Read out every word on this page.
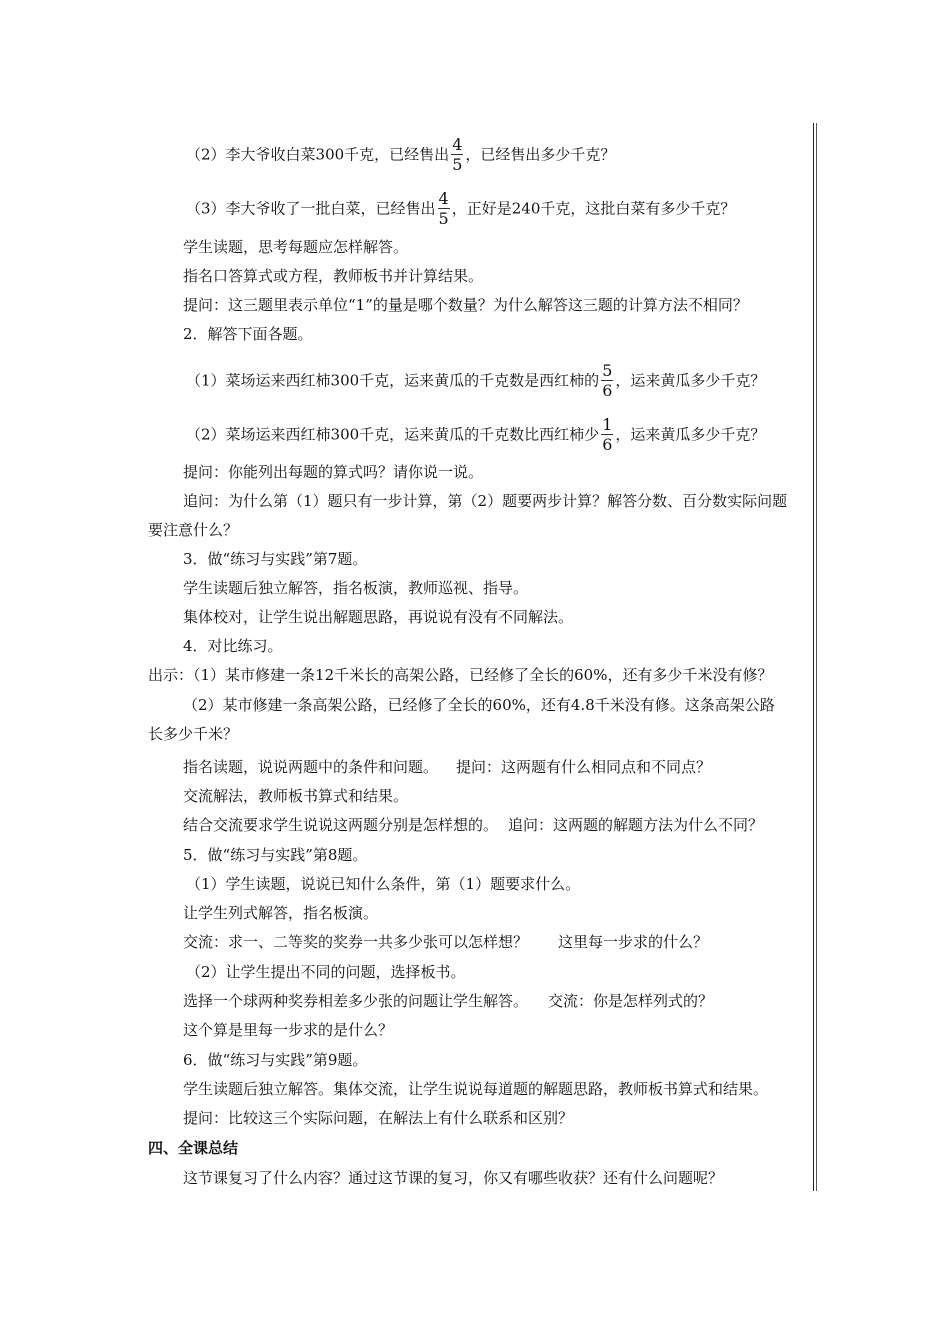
（2）李大爷收白菜300千克，已经售出 $\frac{4}{5}$ ，已经售出多少千克？
（3）李大爷收了一批白菜，已经售出 $\frac{4}{5}$ ，正好是240千克，这批白菜有多少千克？
学生读题，思考每题应怎样解答。
指名口答算式或方程，教师板书并计算结果。
提问：这三题里表示单位“1”的量是哪个数量？为什么解答这三题的计算方法不相同？
2．解答下面各题。
（1）菜场运来西红柿300千克，运来黄瓜的千克数是西红柿的 $\frac{5}{6}$ ，运来黄瓜多少千克？
（2）菜场运来西红柿300千克，运来黄瓜的千克数比西红柿少 $\frac{1}{6}$ ，运来黄瓜多少千克？
提问：你能列出每题的算式吗？请你说一说。
追问：为什么第（1）题只有一步计算，第（2）题要两步计算？解答分数、百分数实际问题
要注意什么？
3．做“练习与实践”第7题。
学生读题后独立解答，指名板演，教师巡视、指导。
集体校对，让学生说出解题思路，再说说有没有不同解法。
4．对比练习。
出示：（1）某市修建一条12千米长的高架公路，已经修了全长的60%，还有多少千米没有修？
（2）某市修建一条高架公路，已经修了全长的60%，还有4.8千米没有修。这条高架公路
长多少千米？
指名读题，说说两题中的条件和问题。 提问：这两题有什么相同点和不同点？
交流解法，教师板书算式和结果。
结合交流要求学生说说这两题分别是怎样想的。 追问：这两题的解题方法为什么不同？
5．做“练习与实践”第8题。
（1）学生读题，说说已知什么条件，第（1）题要求什么。
让学生列式解答，指名板演。
交流：求一、二等奖的奖券一共多少张可以怎样想？ 这里每一步求的什么？
（2）让学生提出不同的问题，选择板书。
选择一个球两种奖券相差多少张的问题让学生解答。 交流：你是怎样列式的？
这个算是里每一步求的是什么？
6．做“练习与实践”第9题。
学生读题后独立解答。集体交流，让学生说说每道题的解题思路，教师板书算式和结果。
提问：比较这三个实际问题，在解法上有什么联系和区别？
四、全课总结
这节课复习了什么内容？通过这节课的复习，你又有哪些收获？还有什么问题呢？
